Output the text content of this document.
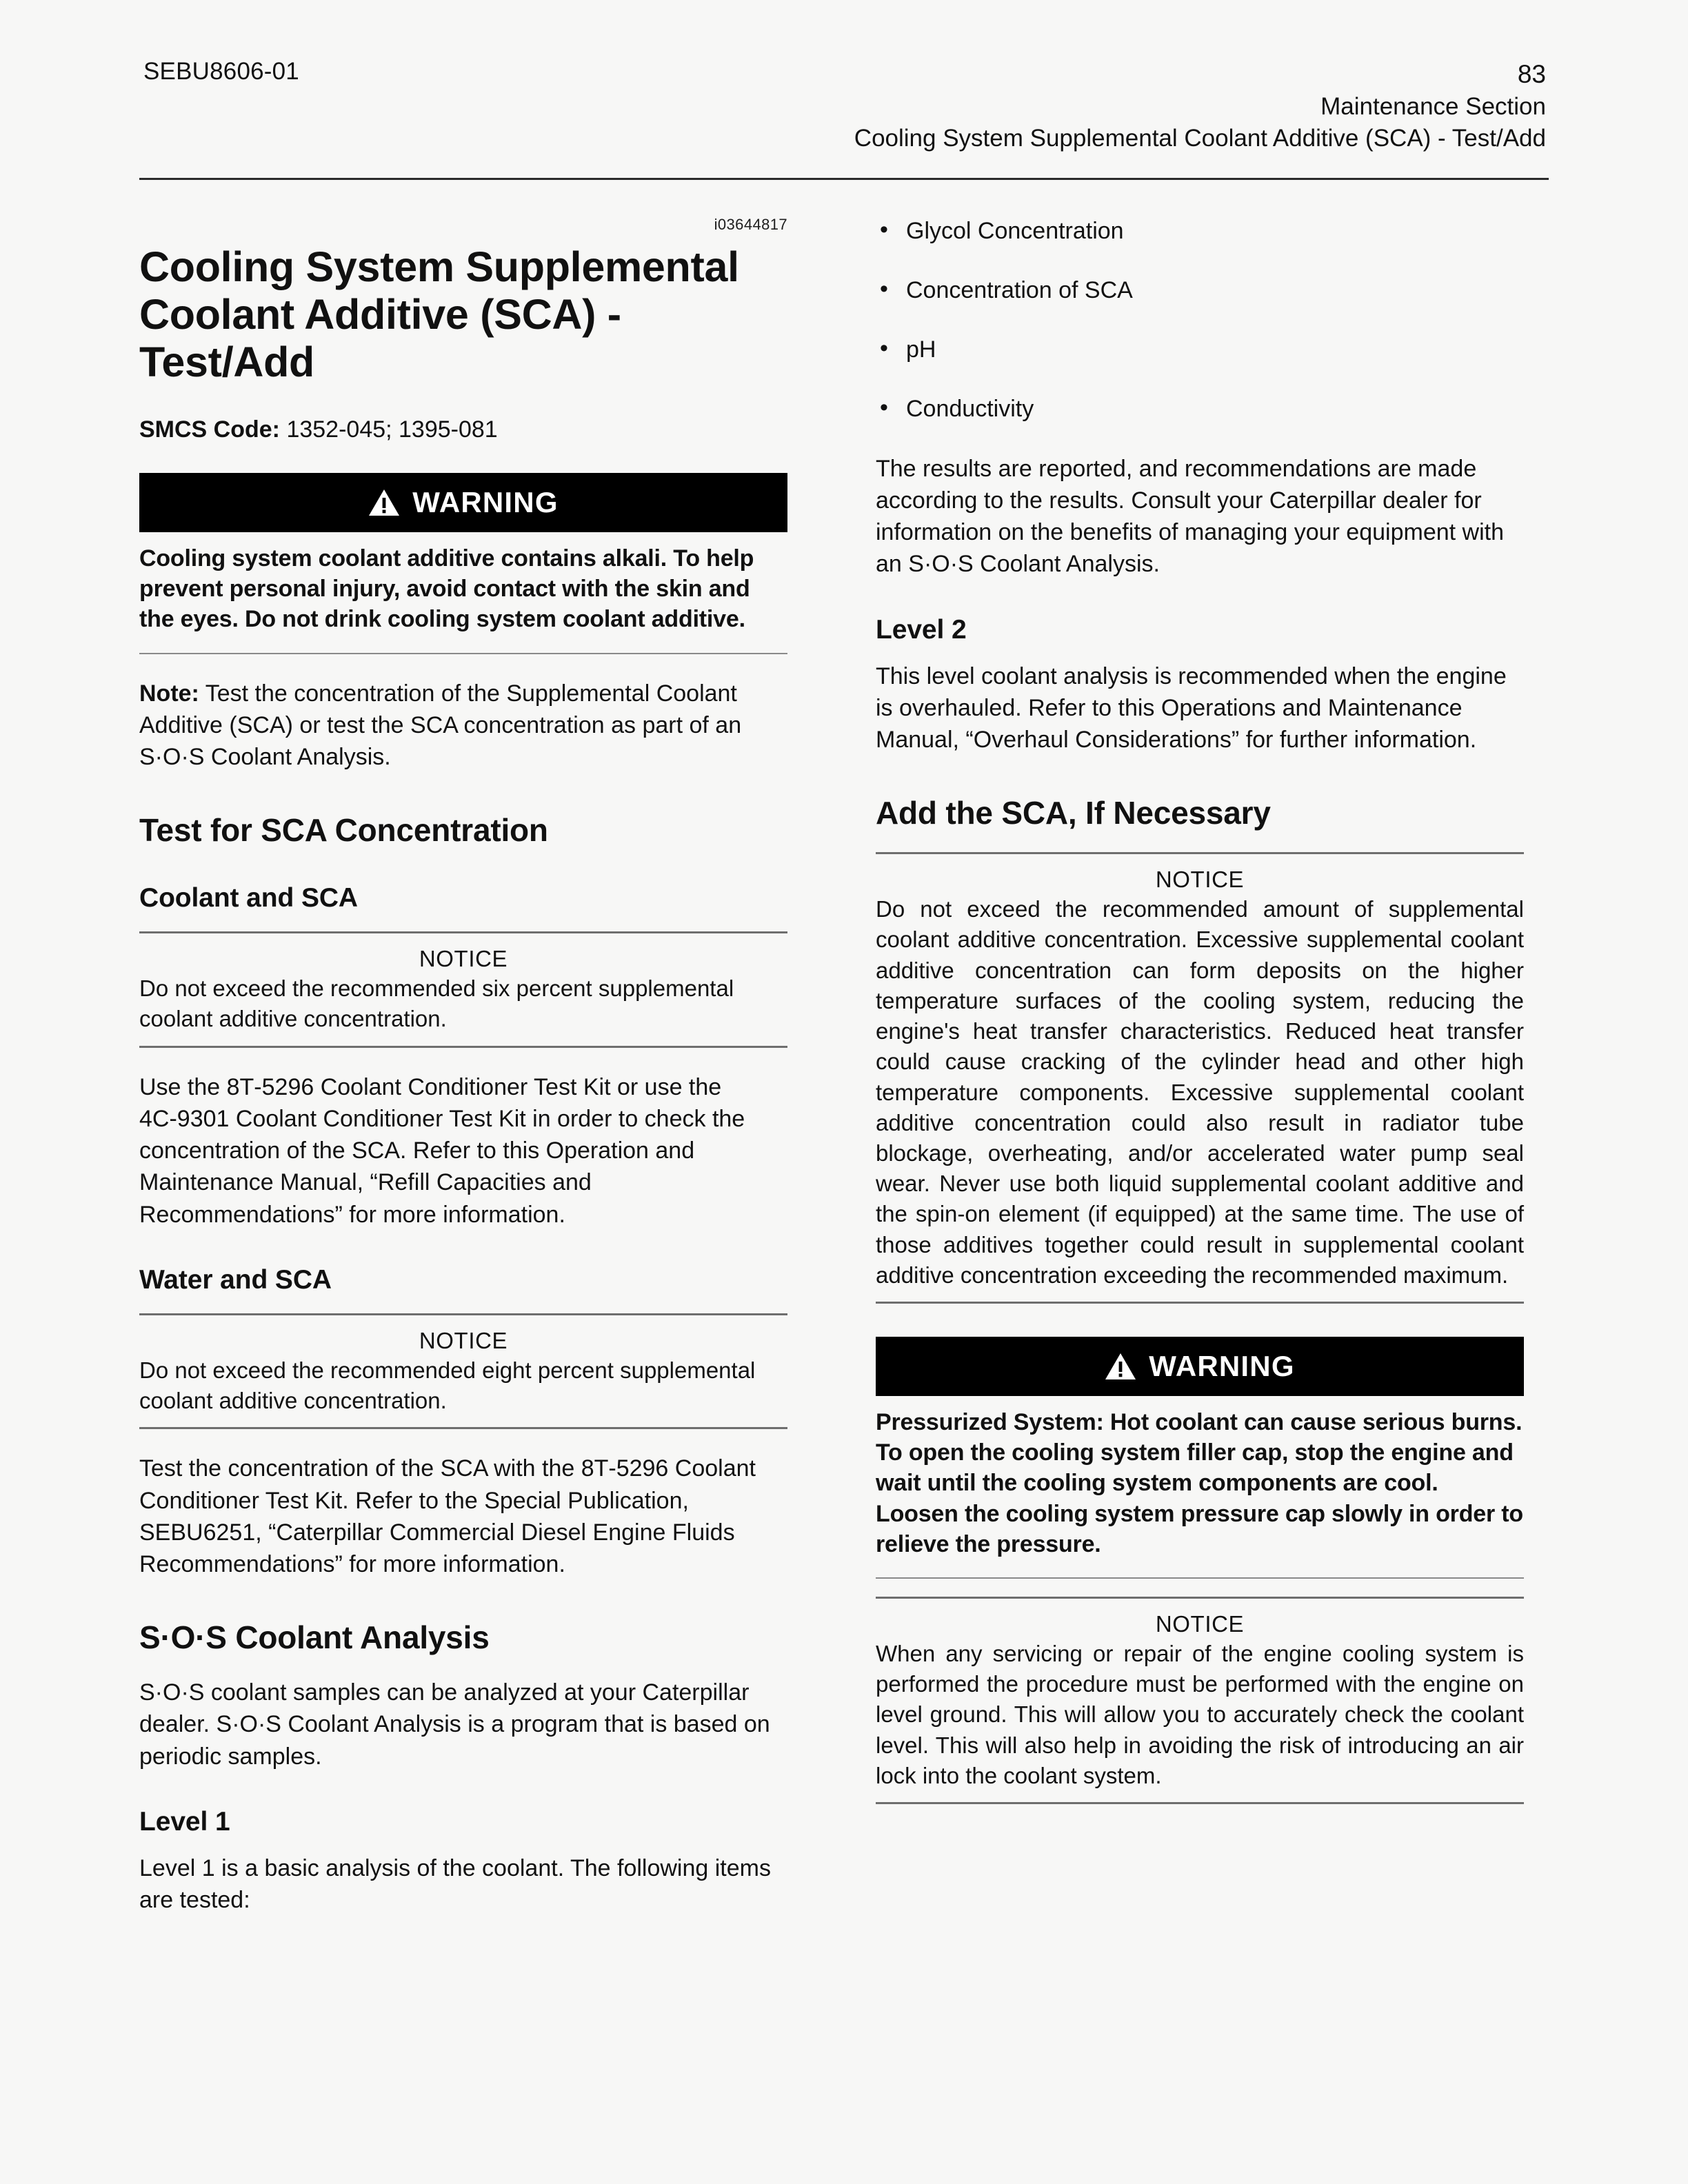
SEBU8606-01	83
Maintenance Section
Cooling System Supplemental Coolant Additive (SCA) - Test/Add
i03644817
Cooling System Supplemental Coolant Additive (SCA) - Test/Add

SMCS Code: 1352-045; 1395-081

WARNING

Cooling system coolant additive contains alkali. To help prevent personal injury, avoid contact with the skin and the eyes. Do not drink cooling system coolant additive.

Note: Test the concentration of the Supplemental Coolant Additive (SCA) or test the SCA concentration as part of an S·O·S Coolant Analysis.

Test for SCA Concentration
Coolant and SCA
NOTICE
Do not exceed the recommended six percent supplemental coolant additive concentration.

Use the 8T‑5296 Coolant Conditioner Test Kit or use the 4C‑9301 Coolant Conditioner Test Kit in order to check the concentration of the SCA. Refer to this Operation and Maintenance Manual, “Refill Capacities and Recommendations” for more information.

Water and SCA
NOTICE
Do not exceed the recommended eight percent supplemental coolant additive concentration.

Test the concentration of the SCA with the 8T‑5296 Coolant Conditioner Test Kit. Refer to the Special Publication, SEBU6251, “Caterpillar Commercial Diesel Engine Fluids Recommendations” for more information.

S·O·S Coolant Analysis

S·O·S coolant samples can be analyzed at your Caterpillar dealer. S·O·S Coolant Analysis is a program that is based on periodic samples.

Level 1

Level 1 is a basic analysis of the coolant. The following items are tested:

• Glycol Concentration
• Concentration of SCA
• pH
• Conductivity

The results are reported, and recommendations are made according to the results. Consult your Caterpillar dealer for information on the benefits of managing your equipment with an S·O·S Coolant Analysis.

Level 2

This level coolant analysis is recommended when the engine is overhauled. Refer to this Operations and Maintenance Manual, “Overhaul Considerations” for further information.

Add the SCA, If Necessary
NOTICE
Do not exceed the recommended amount of supplemental coolant additive concentration. Excessive supplemental coolant additive concentration can form deposits on the higher temperature surfaces of the cooling system, reducing the engine's heat transfer characteristics. Reduced heat transfer could cause cracking of the cylinder head and other high temperature components. Excessive supplemental coolant additive concentration could also result in radiator tube blockage, overheating, and/or accelerated water pump seal wear. Never use both liquid supplemental coolant additive and the spin-on element (if equipped) at the same time. The use of those additives together could result in supplemental coolant additive concentration exceeding the recommended maximum.
WARNING

Pressurized System: Hot coolant can cause serious burns. To open the cooling system filler cap, stop the engine and wait until the cooling system components are cool. Loosen the cooling system pressure cap slowly in order to relieve the pressure.

NOTICE
When any servicing or repair of the engine cooling system is performed the procedure must be performed with the engine on level ground. This will allow you to accurately check the coolant level. This will also help in avoiding the risk of introducing an air lock into the coolant system.
